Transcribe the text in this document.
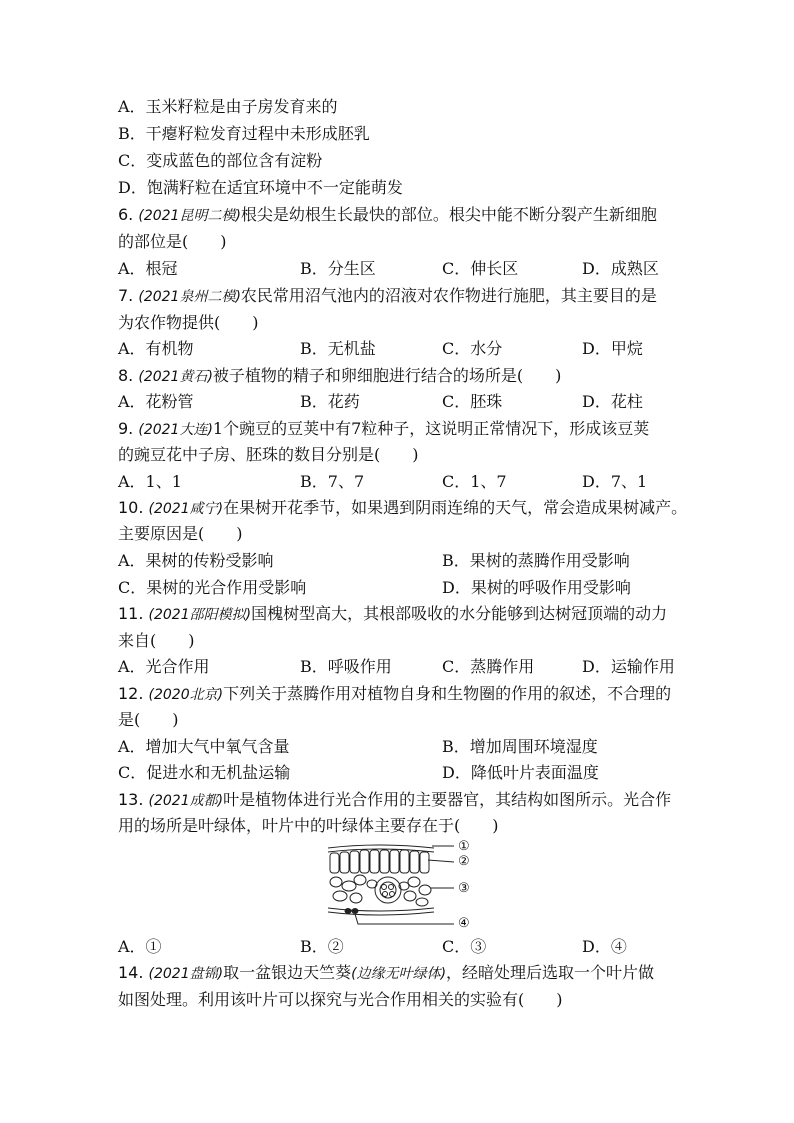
A．玉米籽粒是由子房发育来的
B．干瘪籽粒发育过程中未形成胚乳
C．变成蓝色的部位含有淀粉
D．饱满籽粒在适宜环境中不一定能萌发
6. (2021昆明二模)根尖是幼根生长最快的部位。根尖中能不断分裂产生新细胞
的部位是(　　)
A．根冠	B．分生区	C．伸长区	D．成熟区
7. (2021泉州二模)农民常用沼气池内的沼液对农作物进行施肥，其主要目的是
为农作物提供(　　)
A．有机物	B．无机盐	C．水分	D．甲烷
8. (2021黄石)被子植物的精子和卵细胞进行结合的场所是(　　)
A．花粉管	B．花药	C．胚珠	D．花柱
9. (2021大连)1个豌豆的豆荚中有7粒种子，这说明正常情况下，形成该豆荚
的豌豆花中子房、胚珠的数目分别是(　　)
A．1、1	B．7、7	C．1、7	D．7、1
10. (2021咸宁)在果树开花季节，如果遇到阴雨连绵的天气，常会造成果树减产。
主要原因是(　　)
A．果树的传粉受影响	B．果树的蒸腾作用受影响
C．果树的光合作用受影响	D．果树的呼吸作用受影响
11. (2021邵阳模拟)国槐树型高大，其根部吸收的水分能够到达树冠顶端的动力
来自(　　)
A．光合作用	B．呼吸作用	C．蒸腾作用	D．运输作用
12. (2020北京)下列关于蒸腾作用对植物自身和生物圈的作用的叙述，不合理的
是(　　)
A．增加大气中氧气含量	B．增加周围环境湿度
C．促进水和无机盐运输	D．降低叶片表面温度
13. (2021成都)叶是植物体进行光合作用的主要器官，其结构如图所示。光合作
用的场所是叶绿体，叶片中的叶绿体主要存在于(　　)
①
②
③
④
A．①	B．②	C．③	D．④
14. (2021盘锦)取一盆银边天竺葵(边缘无叶绿体)，经暗处理后选取一个叶片做
如图处理。利用该叶片可以探究与光合作用相关的实验有(　　)
